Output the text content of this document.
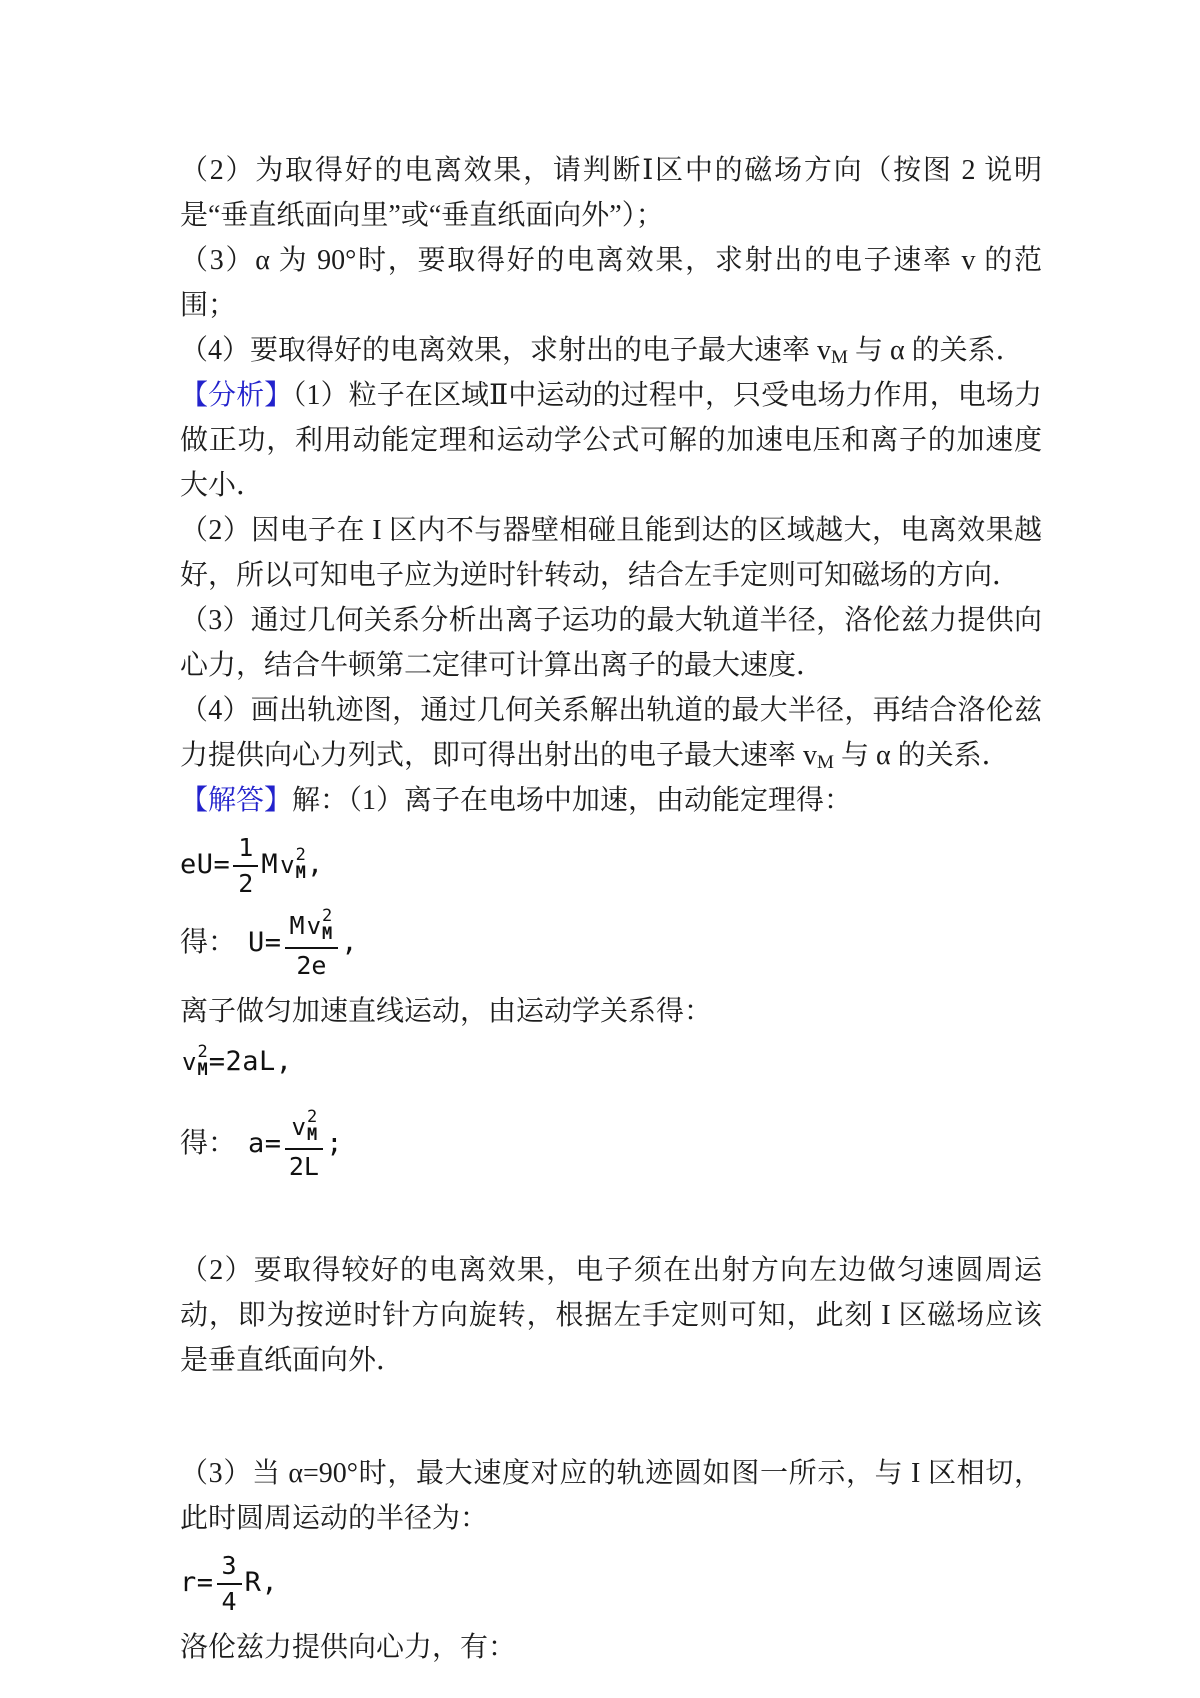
（2）为取得好的电离效果，请判断Ⅰ区中的磁场方向（按图 2 说明是“垂直纸面向里”或“垂直纸面向外”）；

（3）α 为 90°时，要取得好的电离效果，求射出的电子速率 v 的范围；

（4）要取得好的电离效果，求射出的电子最大速率 $v_M$ 与 α 的关系．

【分析】（1）粒子在区域Ⅱ中运动的过程中，只受电场力作用，电场力做正功，利用动能定理和运动学公式可解的加速电压和离子的加速度大小．

（2）因电子在 I 区内不与器壁相碰且能到达的区域越大，电离效果越好，所以可知电子应为逆时针转动，结合左手定则可知磁场的方向．

（3）通过几何关系分析出离子运功的最大轨道半径，洛伦兹力提供向心力，结合牛顿第二定律可计算出离子的最大速度．

（4）画出轨迹图，通过几何关系解出轨道的最大半径，再结合洛伦兹力提供向心力列式，即可得出射出的电子最大速率 $v_M$ 与 α 的关系．

【解答】解：（1）离子在电场中加速，由动能定理得：

$eU= \frac{1}{2}$ M v 2
M ,
得： U= M v 2
M
2e ,

离子做匀加速直线运动，由运动学关系得：

v 2
M =2aL ,
得： a= v 2
M
2L ;

（2）要取得较好的电离效果，电子须在出射方向左边做匀速圆周运动，即为按逆时针方向旋转，根据左手定则可知，此刻 I 区磁场应该是垂直纸面向外．

（3）当 α=90°时，最大速度对应的轨迹圆如图一所示，与 I 区相切，此时圆周运动的半径为：

$r= \frac{3}{4}$ R ,

洛伦兹力提供向心力，有：
